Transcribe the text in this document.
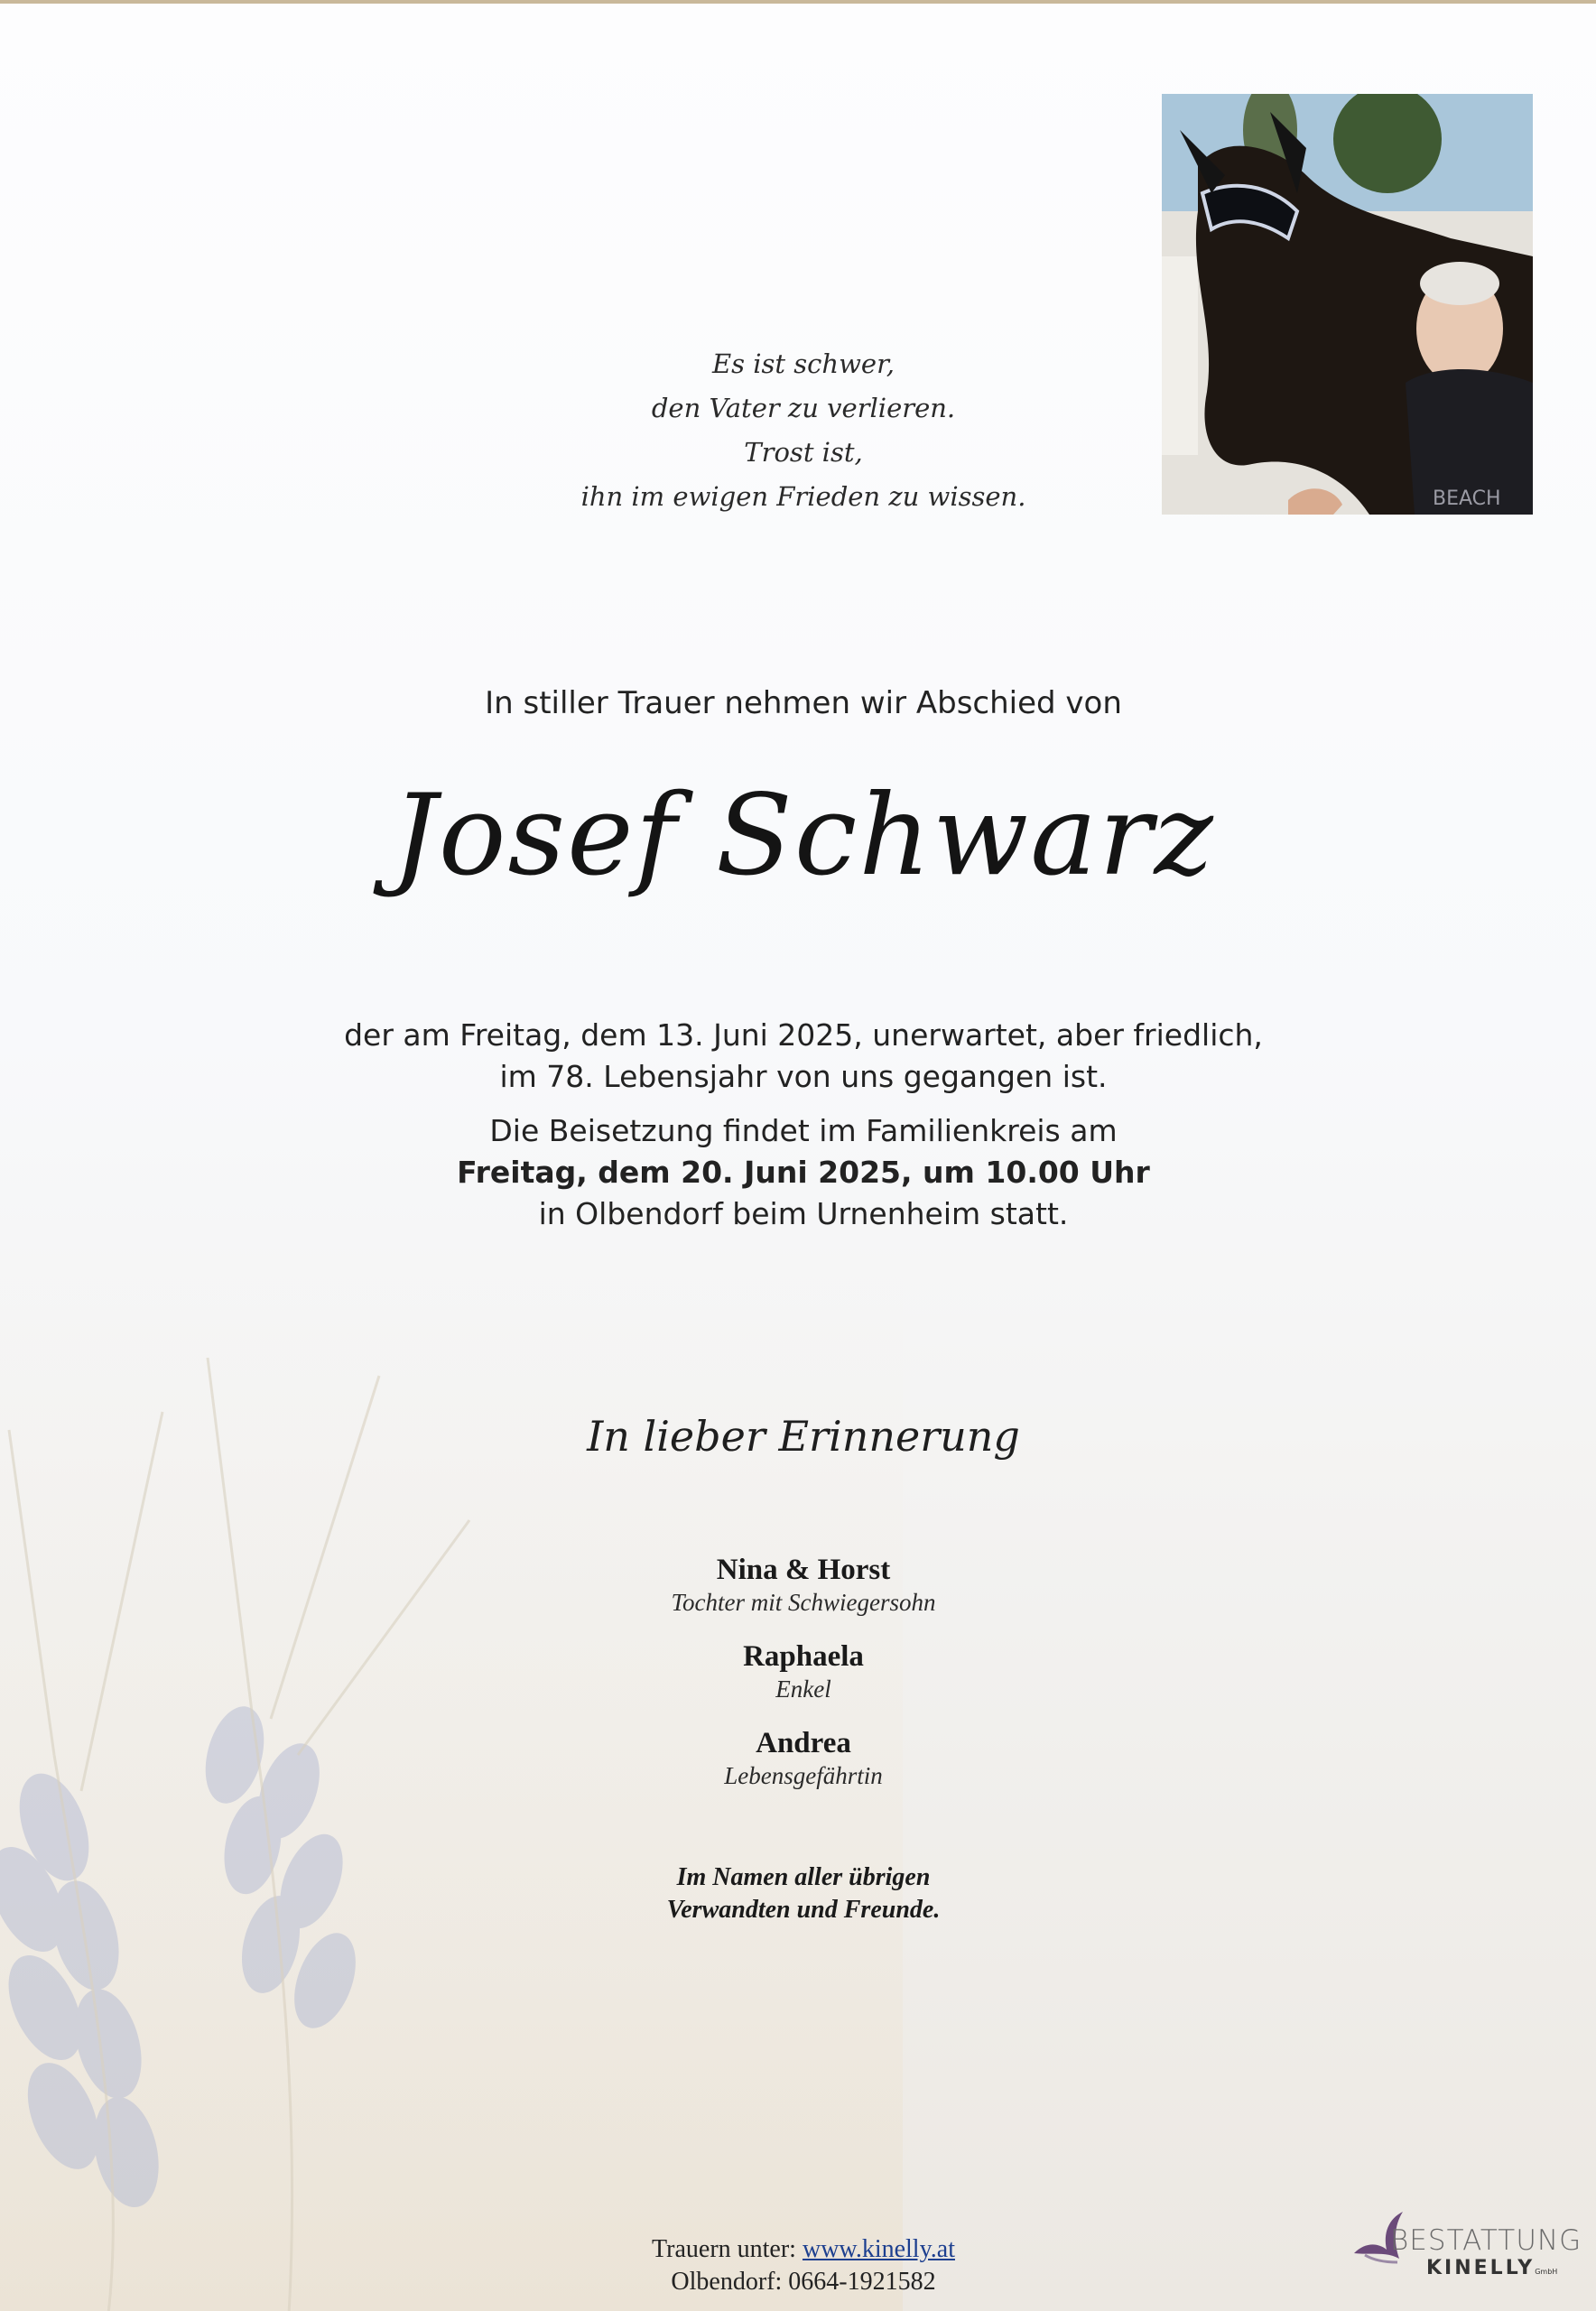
BEACH
Es ist schwer,
den Vater zu verlieren.
Trost ist,
ihn im ewigen Frieden zu wissen.
In stiller Trauer nehmen wir Abschied von
Josef Schwarz
der am Freitag, dem 13. Juni 2025, unerwartet, aber friedlich,
im 78. Lebensjahr von uns gegangen ist.
Die Beisetzung findet im Familienkreis am
Freitag, dem 20. Juni 2025, um 10.00 Uhr
in Olbendorf beim Urnenheim statt.
In lieber Erinnerung
Nina & Horst
Tochter mit Schwiegersohn
Raphaela
Enkel
Andrea
Lebensgefährtin
Im Namen aller übrigen
Verwandten und Freunde.
Trauern unter: www.kinelly.at
Olbendorf: 0664-1921582
BESTATTUNG
KINELLYGmbH
